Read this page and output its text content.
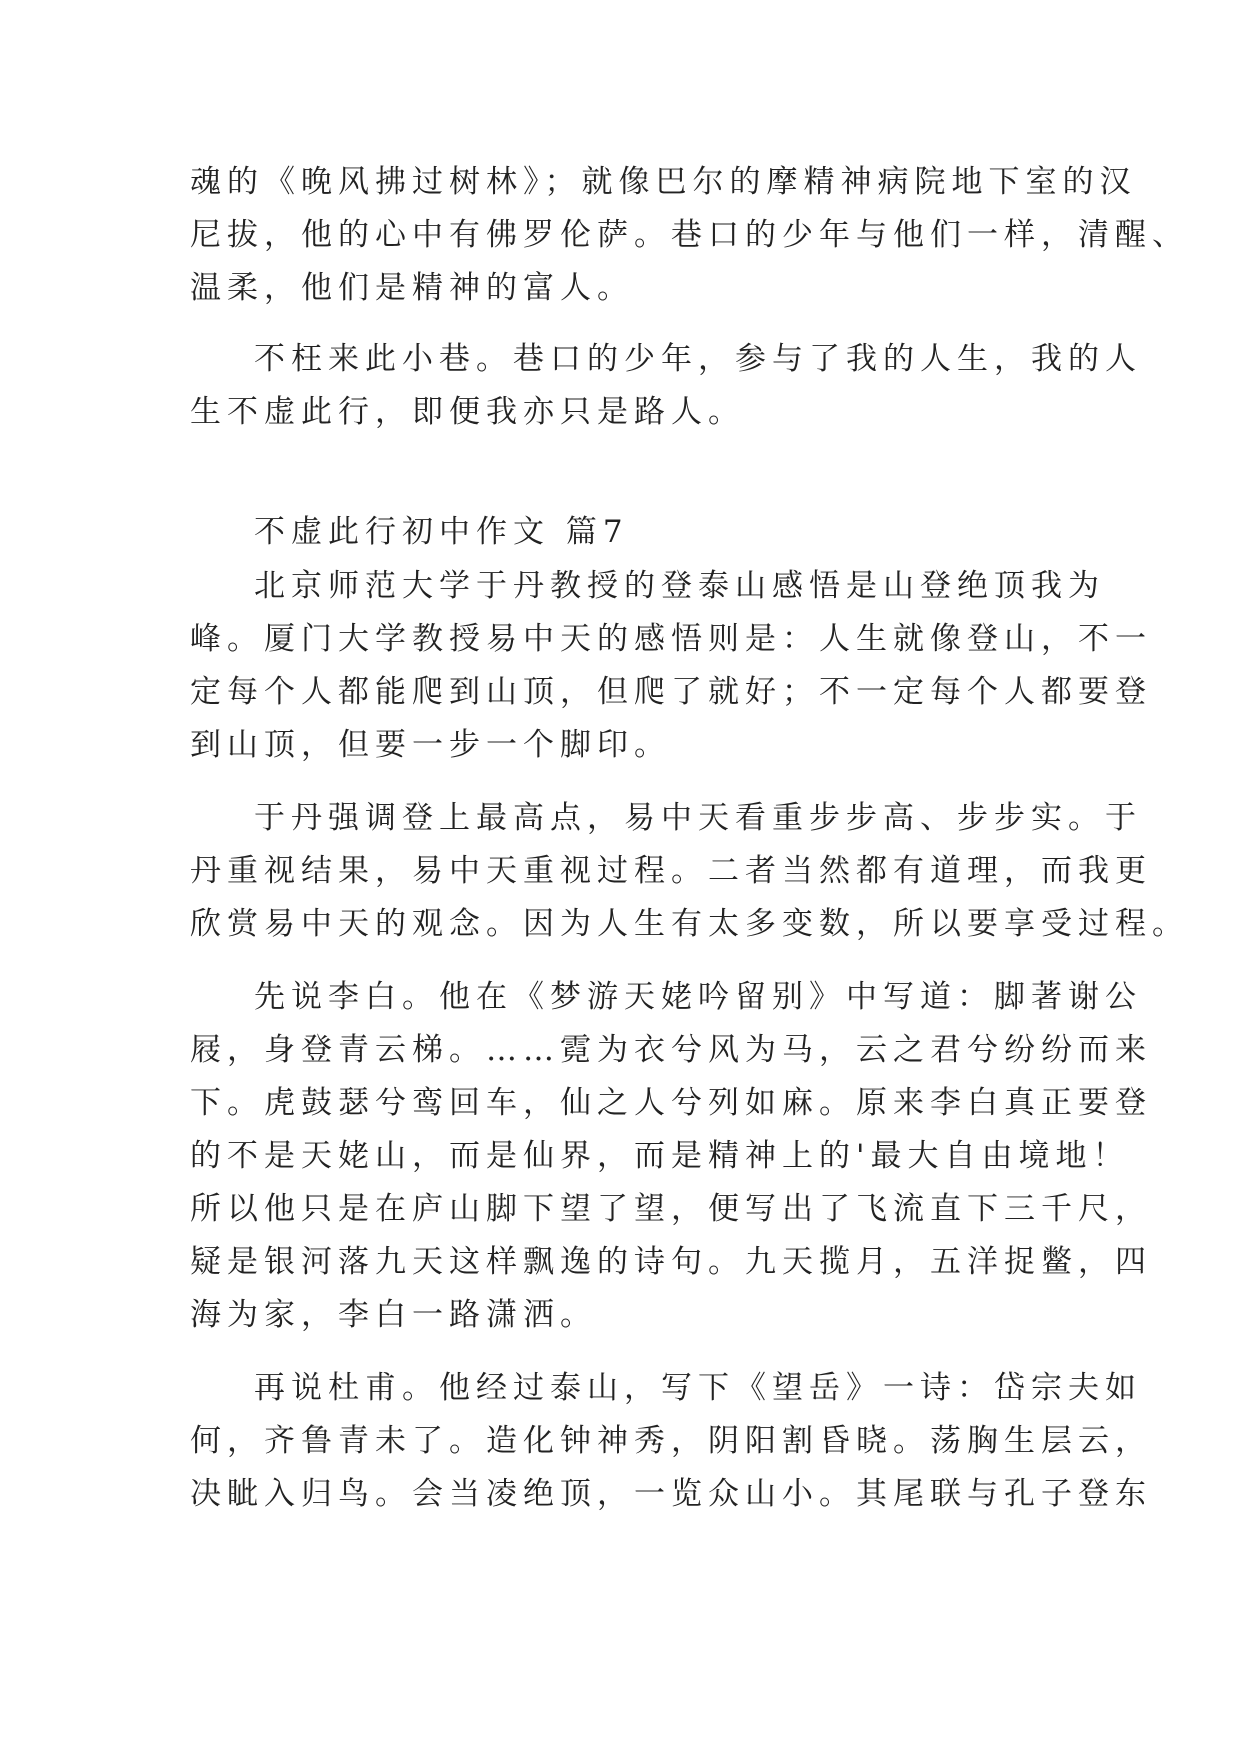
魂的《晚风拂过树林》；就像巴尔的摩精神病院地下室的汉
尼拔，他的心中有佛罗伦萨。巷口的少年与他们一样，清醒、
温柔，他们是精神的富人。
不枉来此小巷。巷口的少年，参与了我的人生，我的人
生不虚此行，即便我亦只是路人。
不虚此行初中作文 篇7
北京师范大学于丹教授的登泰山感悟是山登绝顶我为
峰。厦门大学教授易中天的感悟则是：人生就像登山，不一
定每个人都能爬到山顶，但爬了就好；不一定每个人都要登
到山顶，但要一步一个脚印。
于丹强调登上最高点，易中天看重步步高、步步实。于
丹重视结果，易中天重视过程。二者当然都有道理，而我更
欣赏易中天的观念。因为人生有太多变数，所以要享受过程。
先说李白。他在《梦游天姥吟留别》中写道：脚著谢公
屐，身登青云梯。……霓为衣兮风为马，云之君兮纷纷而来
下。虎鼓瑟兮鸾回车，仙之人兮列如麻。原来李白真正要登
的不是天姥山，而是仙界，而是精神上的'最大自由境地！
所以他只是在庐山脚下望了望，便写出了飞流直下三千尺，
疑是银河落九天这样飘逸的诗句。九天揽月，五洋捉鳖，四
海为家，李白一路潇洒。
再说杜甫。他经过泰山，写下《望岳》一诗：岱宗夫如
何，齐鲁青未了。造化钟神秀，阴阳割昏晓。荡胸生层云，
决眦入归鸟。会当凌绝顶，一览众山小。其尾联与孔子登东
